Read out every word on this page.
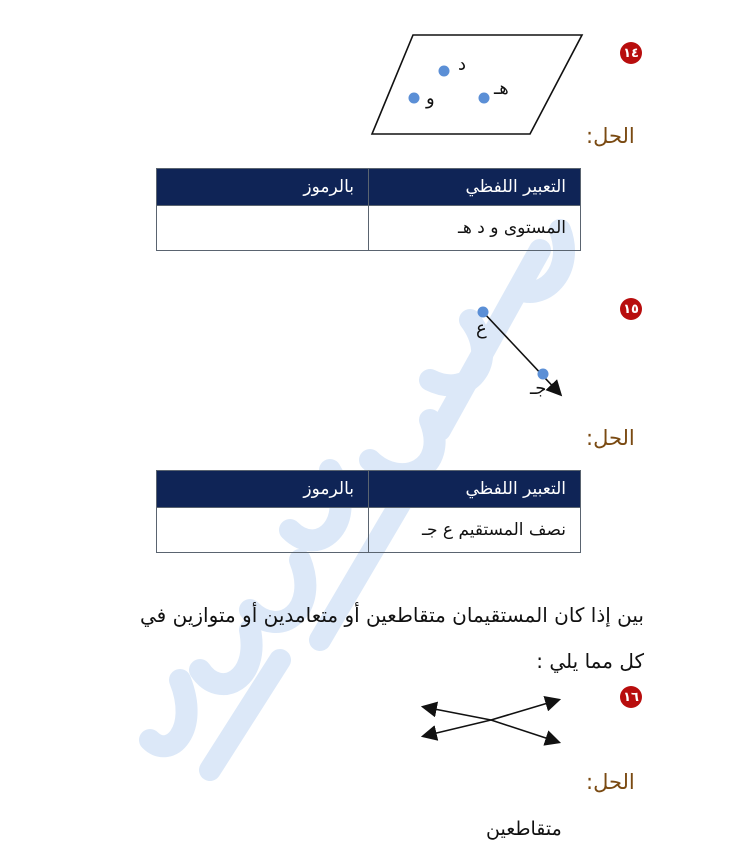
١٤
د
هـ
و
الحل:
التعبير اللفظي	بالرموز
المستوى و د هـ	
١٥
ع
جـ
الحل:
التعبير اللفظي	بالرموز
نصف المستقيم ع جـ	
بين إذا كان المستقيمان متقاطعين أو متعامدين أو متوازين في
كل مما يلي :
١٦
الحل:
متقاطعين
